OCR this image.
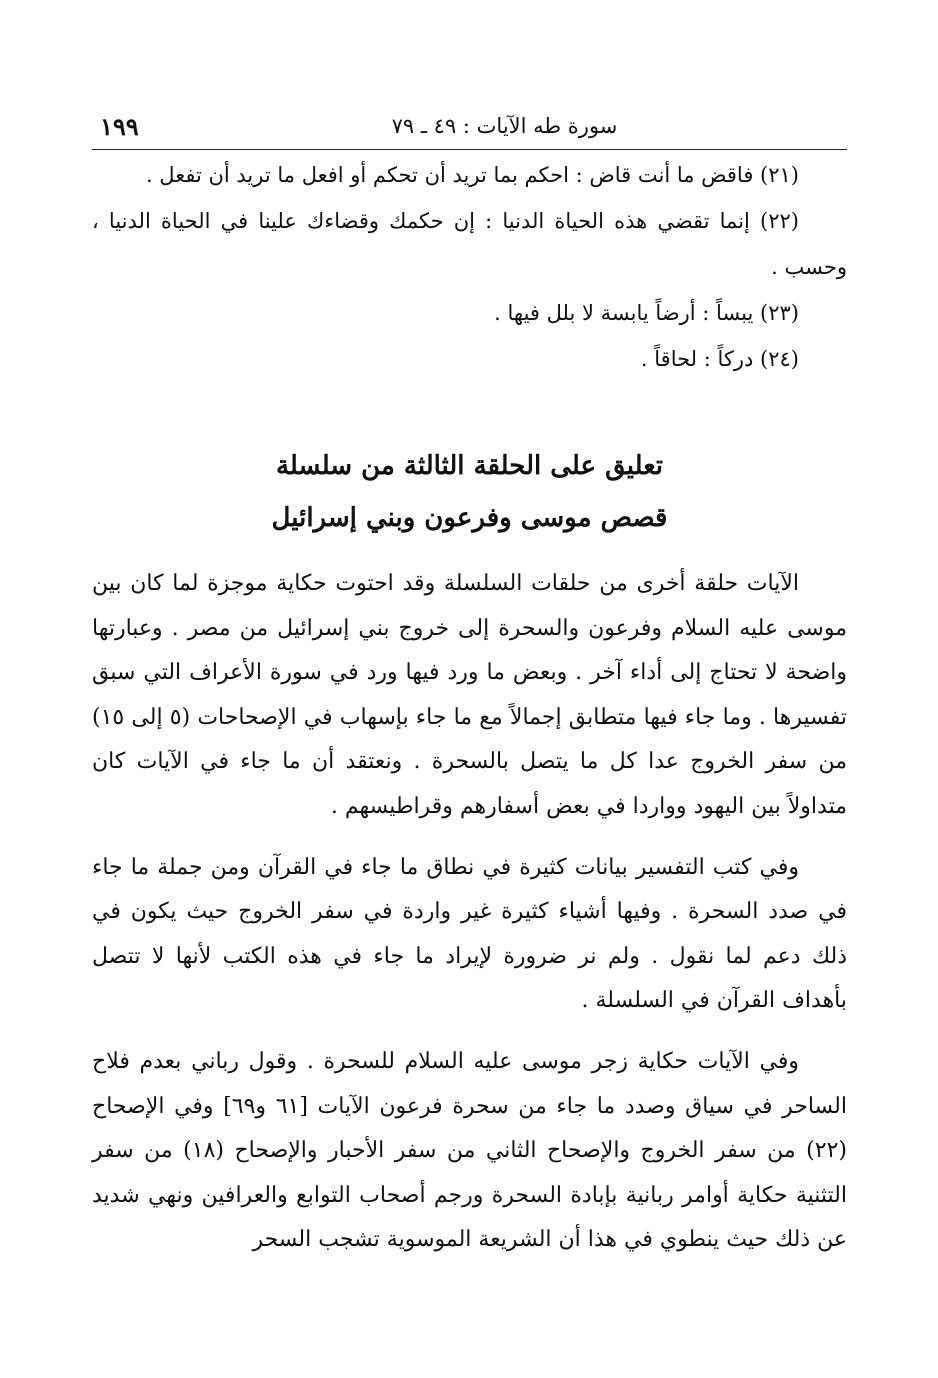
١٩٩	سورة طه الآيات : ٤٩ ـ ٧٩

(٢١) فاقض ما أنت قاض : احكم بما تريد أن تحكم أو افعل ما تريد أن تفعل .

(٢٢) إنما تقضي هذه الحياة الدنيا : إن حكمك وقضاءك علينا في الحياة الدنيا ، وحسب .

(٢٣) يبساً : أرضاً يابسة لا بلل فيها .

(٢٤) دركاً : لحاقاً .

تعليق على الحلقة الثالثة من سلسلة

قصص موسى وفرعون وبني إسرائيل

الآيات حلقة أخرى من حلقات السلسلة وقد احتوت حكاية موجزة لما كان بين موسى عليه السلام وفرعون والسحرة إلى خروج بني إسرائيل من مصر . وعبارتها واضحة لا تحتاج إلى أداء آخر . وبعض ما ورد فيها ورد في سورة الأعراف التي سبق تفسيرها . وما جاء فيها متطابق إجمالاً مع ما جاء بإسهاب في الإصحاحات (٥ إلى ١٥) من سفر الخروج عدا كل ما يتصل بالسحرة . ونعتقد أن ما جاء في الآيات كان متداولاً بين اليهود وواردا في بعض أسفارهم وقراطيسهم .

وفي كتب التفسير بيانات كثيرة في نطاق ما جاء في القرآن ومن جملة ما جاء في صدد السحرة . وفيها أشياء كثيرة غير واردة في سفر الخروج حيث يكون في ذلك دعم لما نقول . ولم نر ضرورة لإيراد ما جاء في هذه الكتب لأنها لا تتصل بأهداف القرآن في السلسلة .

وفي الآيات حكاية زجر موسى عليه السلام للسحرة . وقول رباني بعدم فلاح الساحر في سياق وصدد ما جاء من سحرة فرعون الآيات [٦١ و٦٩] وفي الإصحاح (٢٢) من سفر الخروج والإصحاح الثاني من سفر الأحبار والإصحاح (١٨) من سفر التثنية حكاية أوامر ربانية بإبادة السحرة ورجم أصحاب التوابع والعرافين ونهي شديد عن ذلك حيث ينطوي في هذا أن الشريعة الموسوية تشجب السحر
